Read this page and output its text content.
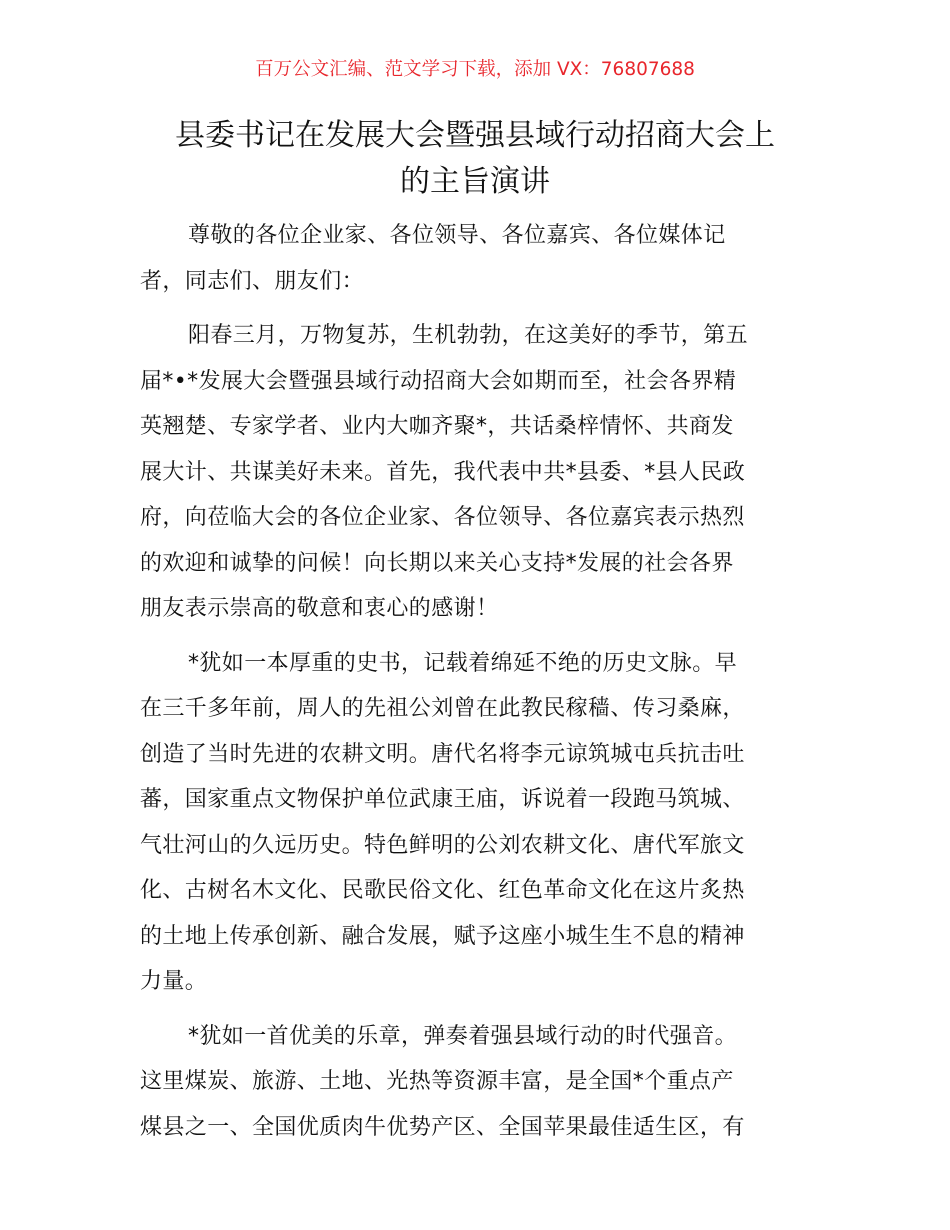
百万公文汇编、范文学习下载，添加 VX：76807688
县委书记在发展大会暨强县域行动招商大会上
的主旨演讲
尊敬的各位企业家、各位领导、各位嘉宾、各位媒体记
者，同志们、朋友们：
阳春三月，万物复苏，生机勃勃，在这美好的季节，第五
届*•*发展大会暨强县域行动招商大会如期而至，社会各界精
英翘楚、专家学者、业内大咖齐聚*，共话桑梓情怀、共商发
展大计、共谋美好未来。首先，我代表中共*县委、*县人民政
府，向莅临大会的各位企业家、各位领导、各位嘉宾表示热烈
的欢迎和诚挚的问候！向长期以来关心支持*发展的社会各界
朋友表示崇高的敬意和衷心的感谢！
*犹如一本厚重的史书，记载着绵延不绝的历史文脉。早
在三千多年前，周人的先祖公刘曾在此教民稼穑、传习桑麻，
创造了当时先进的农耕文明。唐代名将李元谅筑城屯兵抗击吐
蕃，国家重点文物保护单位武康王庙，诉说着一段跑马筑城、
气壮河山的久远历史。特色鲜明的公刘农耕文化、唐代军旅文
化、古树名木文化、民歌民俗文化、红色革命文化在这片炙热
的土地上传承创新、融合发展，赋予这座小城生生不息的精神
力量。
*犹如一首优美的乐章，弹奏着强县域行动的时代强音。
这里煤炭、旅游、土地、光热等资源丰富，是全国*个重点产
煤县之一、全国优质肉牛优势产区、全国苹果最佳适生区，有
